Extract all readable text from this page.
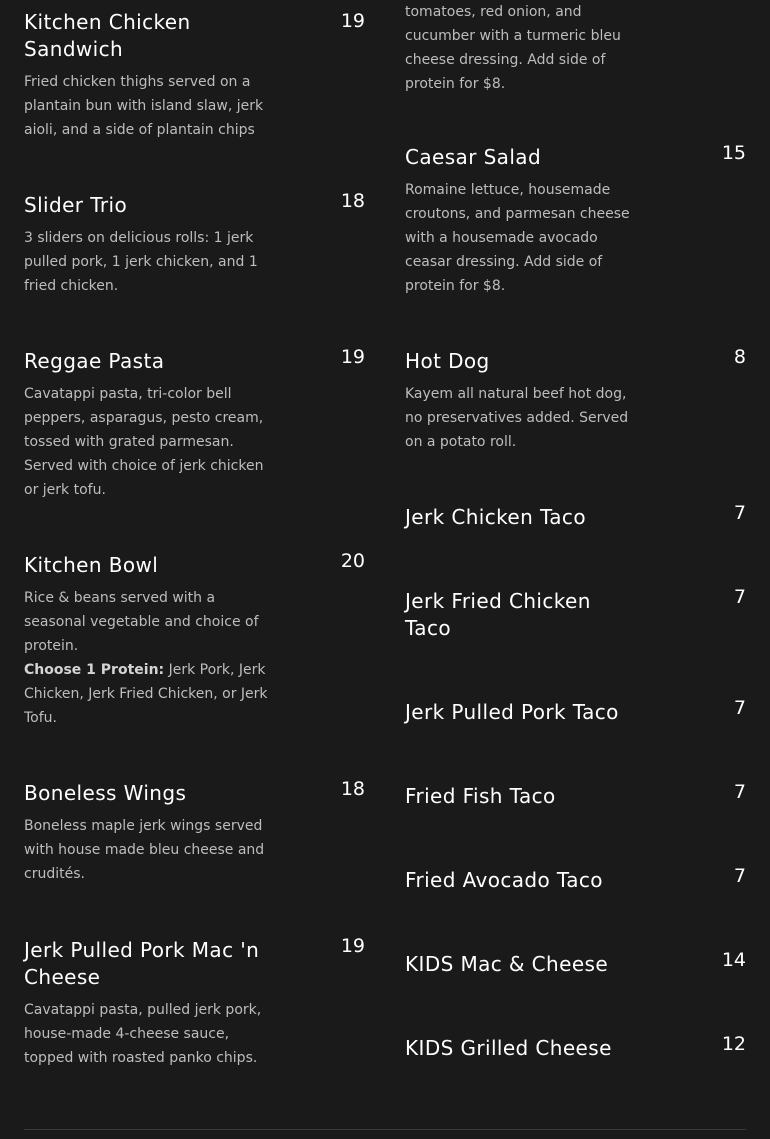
Kitchen Chicken Sandwich
19
Fried chicken thighs served on a plantain bun with island slaw, jerk aioli, and a side of plantain chips
Slider Trio	18
3 sliders on delicious rolls: 1 jerk pulled pork, 1 jerk chicken, and 1 fried chicken.
Reggae Pasta	19
Cavatappi pasta, tri-color bell peppers, asparagus, pesto cream, tossed with grated parmesan. Served with choice of jerk chicken or jerk tofu.
Kitchen Bowl	20
Rice & beans served with a seasonal vegetable and choice of protein.
Choose 1 Protein: Jerk Pork, Jerk Chicken, Jerk Fried Chicken, or Jerk Tofu.
Boneless Wings	18
Boneless maple jerk wings served with house made bleu cheese and crudités.
Jerk Pulled Pork Mac 'n Cheese
19
Cavatappi pasta, pulled jerk pork, house-made 4-cheese sauce, topped with roasted panko chips.
tomatoes, red onion, and cucumber with a turmeric bleu cheese dressing. Add side of protein for $8.
Caesar Salad	15
Romaine lettuce, housemade croutons, and parmesan cheese with a housemade avocado ceasar dressing. Add side of protein for $8.
Hot Dog	8
Kayem all natural beef hot dog, no preservatives added. Served on a potato roll.
Jerk Chicken Taco	7
Jerk Fried Chicken Taco
7
Jerk Pulled Pork Taco	7
Fried Fish Taco	7
Fried Avocado Taco	7
KIDS Mac & Cheese	14
KIDS Grilled Cheese	12
